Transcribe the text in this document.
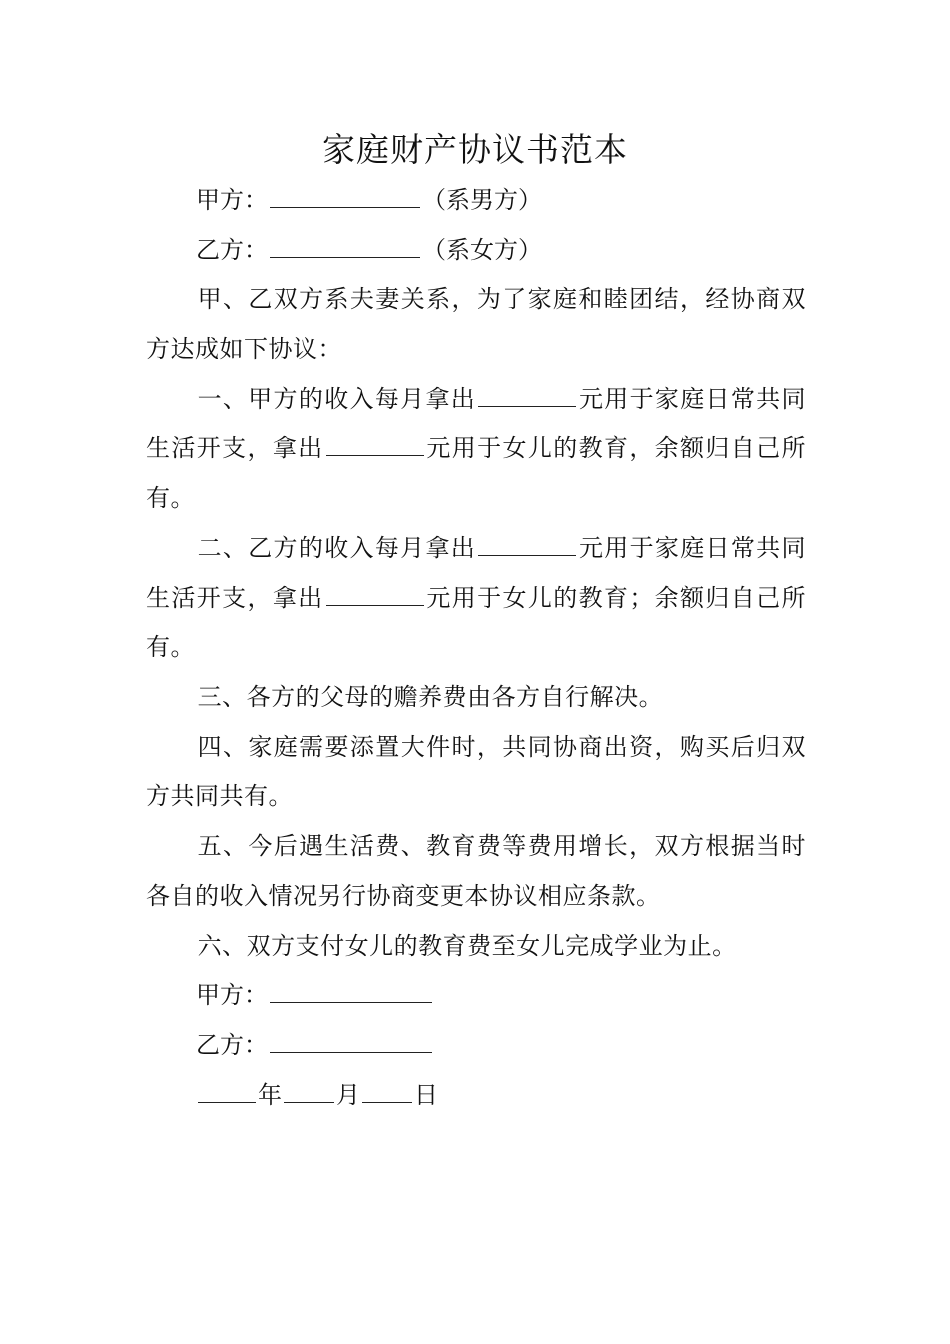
家庭财产协议书范本

甲方：	（系男方）

乙方：	（系女方）

甲、乙双方系夫妻关系，为了家庭和睦团结，经协商双方达成如下协议：

一、甲方的收入每月拿出	元用于家庭日常共同生活开支，拿出	元用于女儿的教育，余额归自己所有。

二、乙方的收入每月拿出	元用于家庭日常共同生活开支，拿出	元用于女儿的教育；余额归自己所有。

三、各方的父母的赡养费由各方自行解决。

四、家庭需要添置大件时，共同协商出资，购买后归双方共同共有。

五、今后遇生活费、教育费等费用增长，双方根据当时各自的收入情况另行协商变更本协议相应条款。

六、双方支付女儿的教育费至女儿完成学业为止。

甲方：

乙方：

年 月 日
